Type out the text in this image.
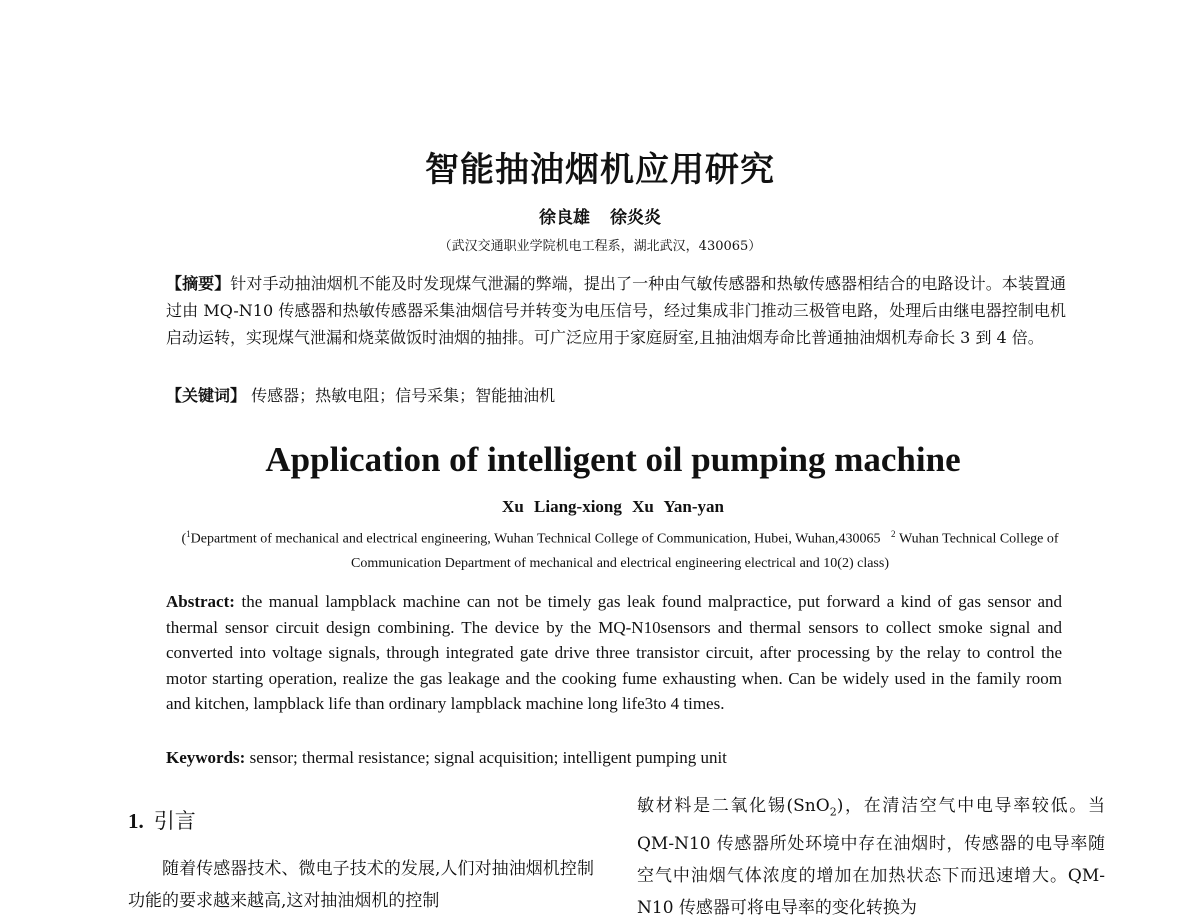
智能抽油烟机应用研究
徐良雄 徐炎炎
（武汉交通职业学院机电工程系，湖北武汉，430065）
【摘要】针对手动抽油烟机不能及时发现煤气泄漏的弊端，提出了一种由气敏传感器和热敏传感器相结合的电路设计。本装置通过由 MQ-N10 传感器和热敏传感器采集油烟信号并转变为电压信号，经过集成非门推动三极管电路，处理后由继电器控制电机启动运转，实现煤气泄漏和烧菜做饭时油烟的抽排。可广泛应用于家庭厨室,且抽油烟寿命比普通抽油烟机寿命长 3 到 4 倍。
【关键词】 传感器；热敏电阻；信号采集；智能抽油机
Application of intelligent oil pumping machine
Xu Liang-xiong Xu Yan-yan
($^1$Department of mechanical and electrical engineering, Wuhan Technical College of Communication, Hubei, Wuhan,430065 $^2$ Wuhan Technical College of Communication Department of mechanical and electrical engineering electrical and 10(2) class)
Abstract: the manual lampblack machine can not be timely gas leak found malpractice, put forward a kind of gas sensor and thermal sensor circuit design combining. The device by the MQ-N10sensors and thermal sensors to collect smoke signal and converted into voltage signals, through integrated gate drive three transistor circuit, after processing by the relay to control the motor starting operation, realize the gas leakage and the cooking fume exhausting when. Can be widely used in the family room and kitchen, lampblack life than ordinary lampblack machine long life3to 4 times.
Keywords: sensor; thermal resistance; signal acquisition; intelligent pumping unit
1. 引言

随着传感器技术、微电子技术的发展,人们对抽油烟机控制功能的要求越来越高,这对抽油烟机的控制

敏材料是二氧化锡(SnO$_2$)，在清洁空气中电导率较低。当 QM-N10 传感器所处环境中存在油烟时，传感器的电导率随空气中油烟气体浓度的增加在加热状态下而迅速增大。QM-N10 传感器可将电导率的变化转换为
